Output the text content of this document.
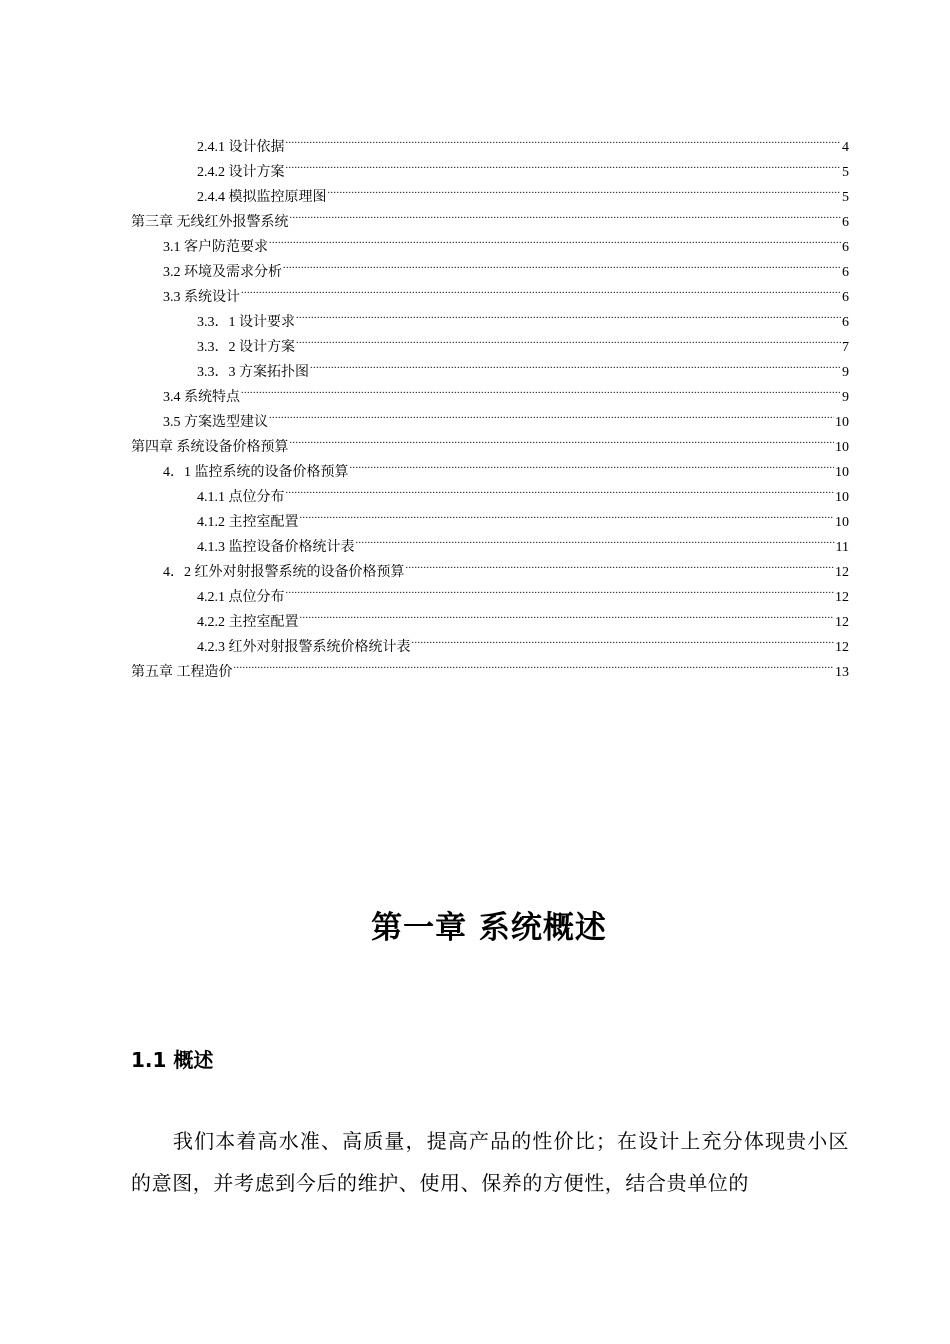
2.4.1 设计依据 .....	4
2.4.2 设计方案 .....	5
2.4.4 模拟监控原理图 .....	5
第三章 无线红外报警系统 .....	6
3.1 客户防范要求 .....	6
3.2 环境及需求分析 .....	6
3.3 系统设计 .....	6
3.3．1 设计要求 .....	6
3.3．2 设计方案 .....	7
3.3．3 方案拓扑图 .....	9
3.4 系统特点 .....	9
3.5 方案选型建议 .....	10
第四章 系统设备价格预算 .....	10
4．1 监控系统的设备价格预算 .....	10
4.1.1 点位分布 .....	10
4.1.2 主控室配置 .....	10
4.1.3 监控设备价格统计表 .....	11
4．2 红外对射报警系统的设备价格预算 .....	12
4.2.1 点位分布 .....	12
4.2.2 主控室配置 .....	12
4.2.3 红外对射报警系统价格统计表 .....	12
第五章 工程造价 .....	13
第一章 系统概述
1.1 概述

我们本着高水准、高质量，提高产品的性价比；在设计上充分体现贵小区的意图，并考虑到今后的维护、使用、保养的方便性，结合贵单位的
